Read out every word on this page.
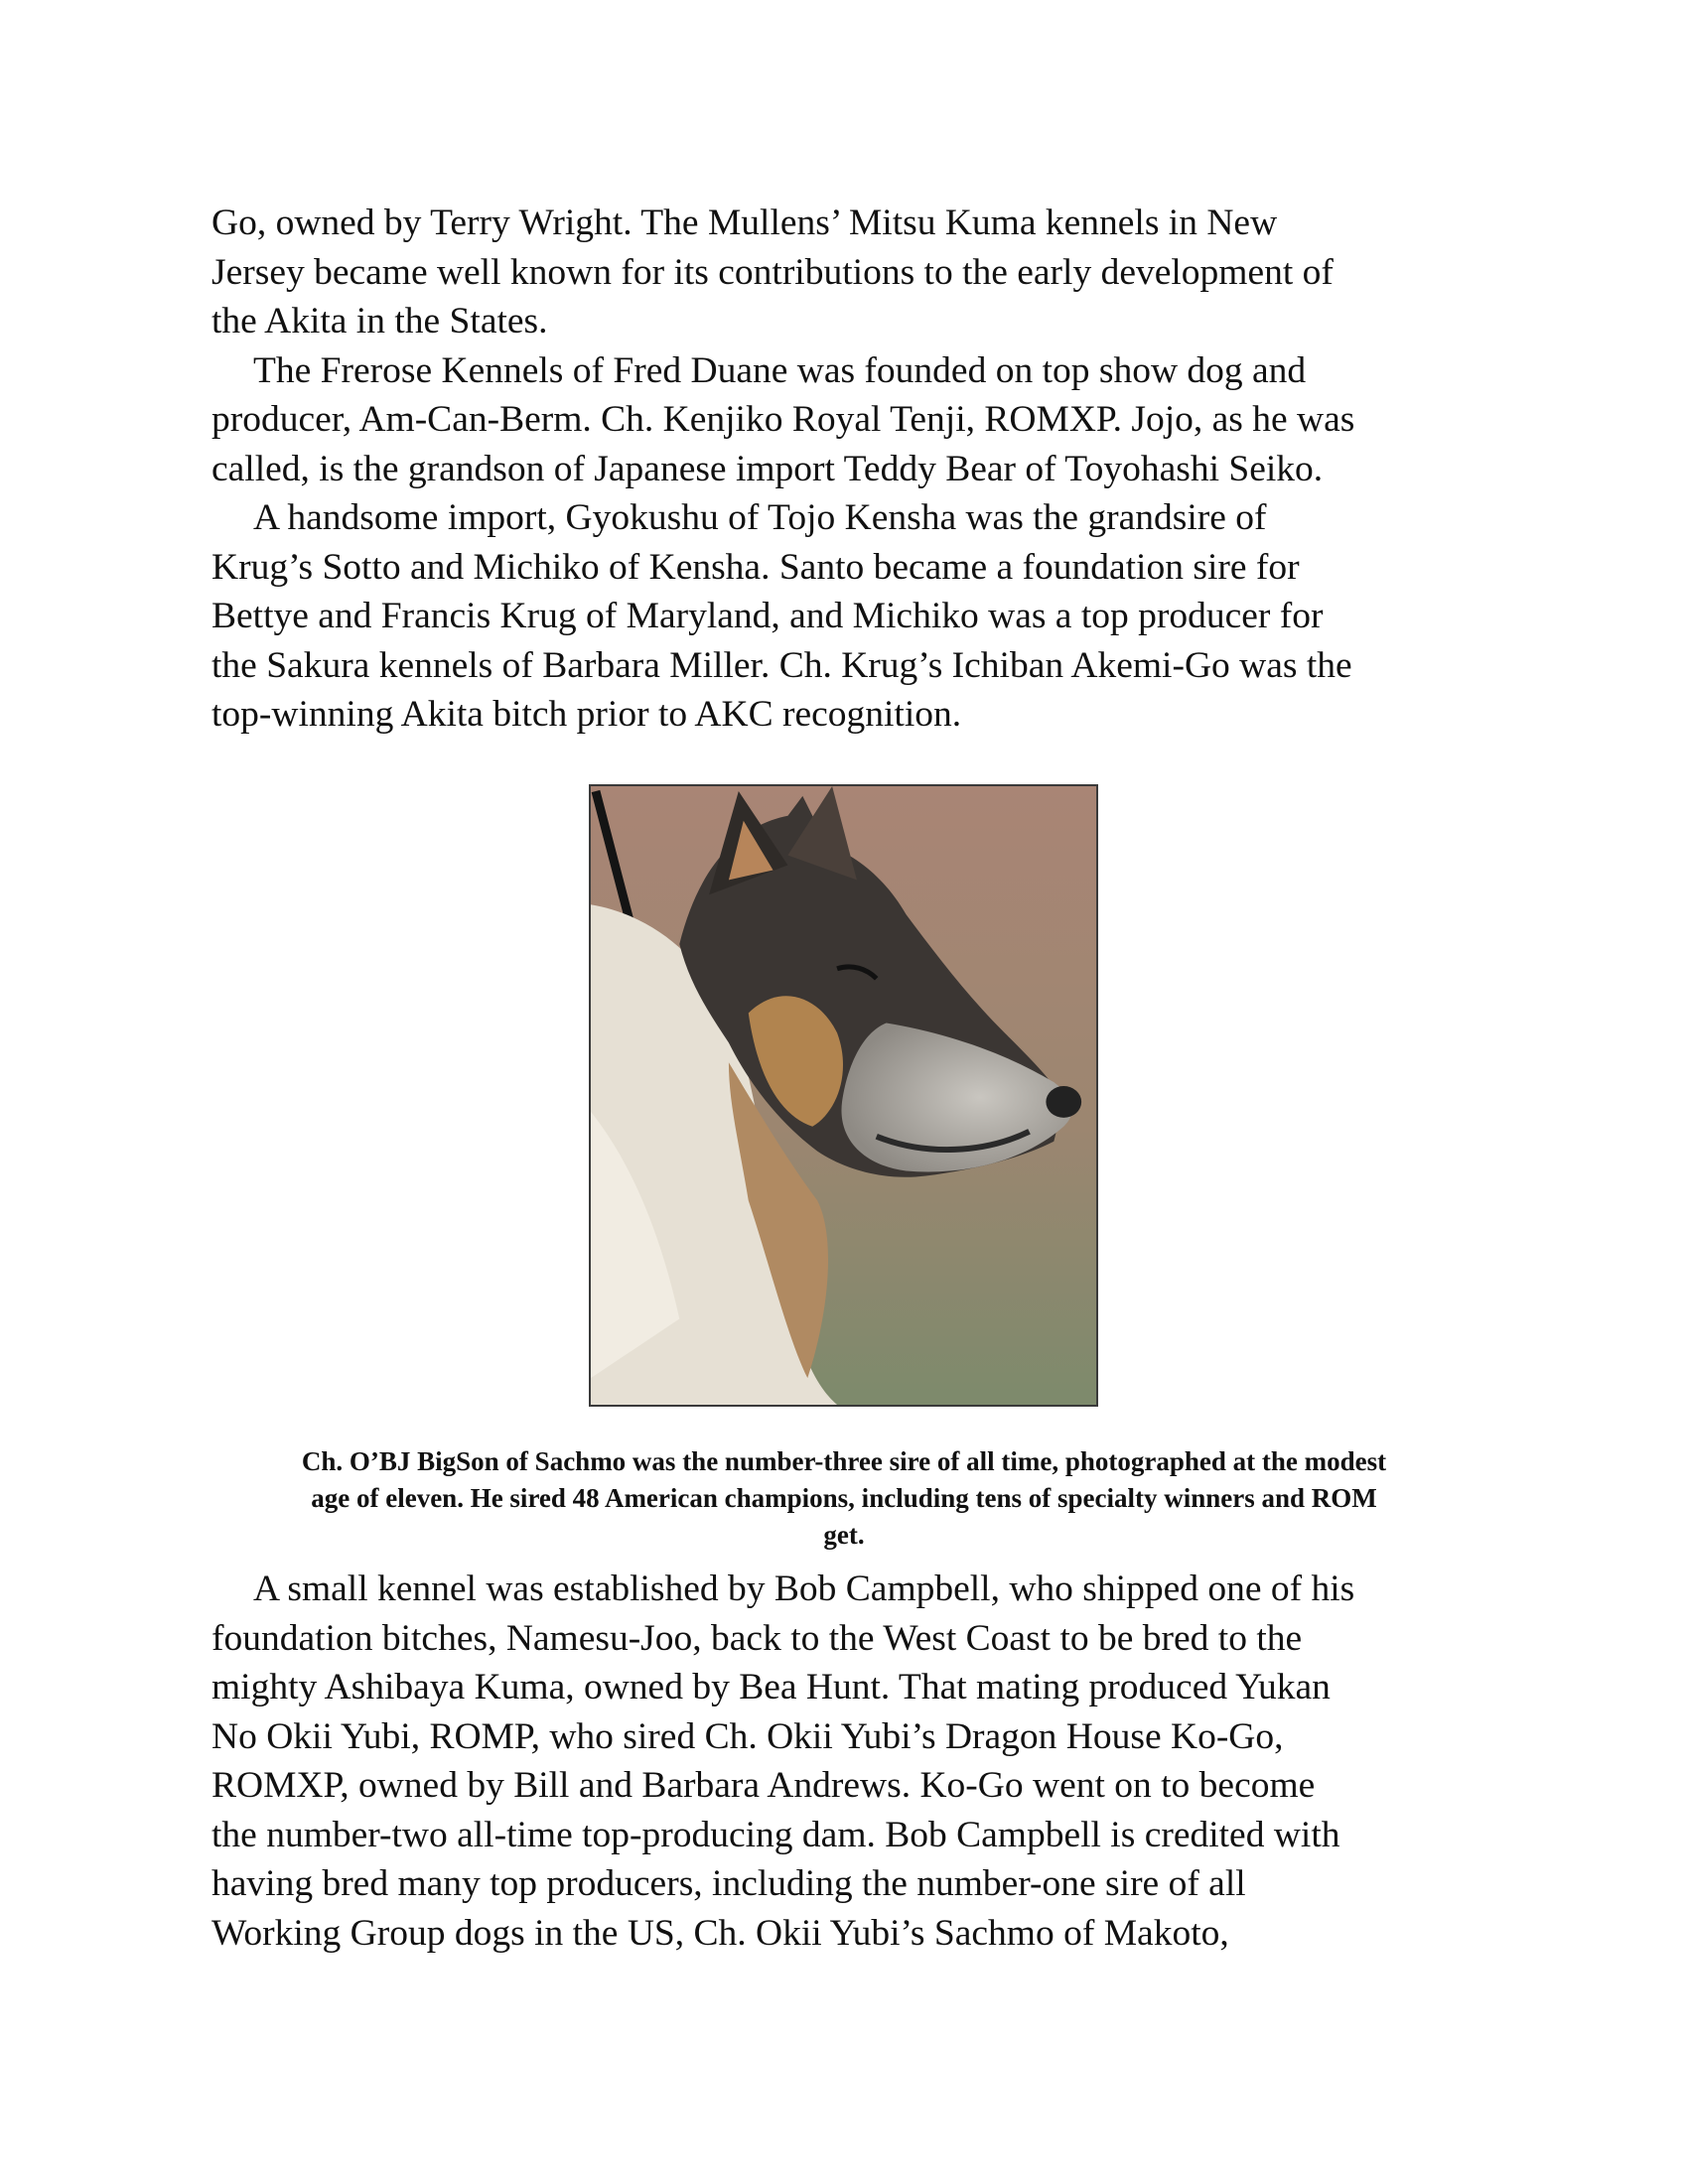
Go, owned by Terry Wright. The Mullens’ Mitsu Kuma kennels in New

Jersey became well known for its contributions to the early development of

the Akita in the States.

The Frerose Kennels of Fred Duane was founded on top show dog and

producer, Am-Can-Berm. Ch. Kenjiko Royal Tenji, ROMXP. Jojo, as he was

called, is the grandson of Japanese import Teddy Bear of Toyohashi Seiko.

A handsome import, Gyokushu of Tojo Kensha was the grandsire of

Krug’s Sotto and Michiko of Kensha. Santo became a foundation sire for

Bettye and Francis Krug of Maryland, and Michiko was a top producer for

the Sakura kennels of Barbara Miller. Ch. Krug’s Ichiban Akemi-Go was the

top-winning Akita bitch prior to AKC recognition.

Ch. O’BJ BigSon of Sachmo was the number-three sire of all time, photographed at the modest
age of eleven. He sired 48 American champions, including tens of specialty winners and ROM
get.

A small kennel was established by Bob Campbell, who shipped one of his

foundation bitches, Namesu-Joo, back to the West Coast to be bred to the

mighty Ashibaya Kuma, owned by Bea Hunt. That mating produced Yukan

No Okii Yubi, ROMP, who sired Ch. Okii Yubi’s Dragon House Ko-Go,

ROMXP, owned by Bill and Barbara Andrews. Ko-Go went on to become

the number-two all-time top-producing dam. Bob Campbell is credited with

having bred many top producers, including the number-one sire of all

Working Group dogs in the US, Ch. Okii Yubi’s Sachmo of Makoto,
